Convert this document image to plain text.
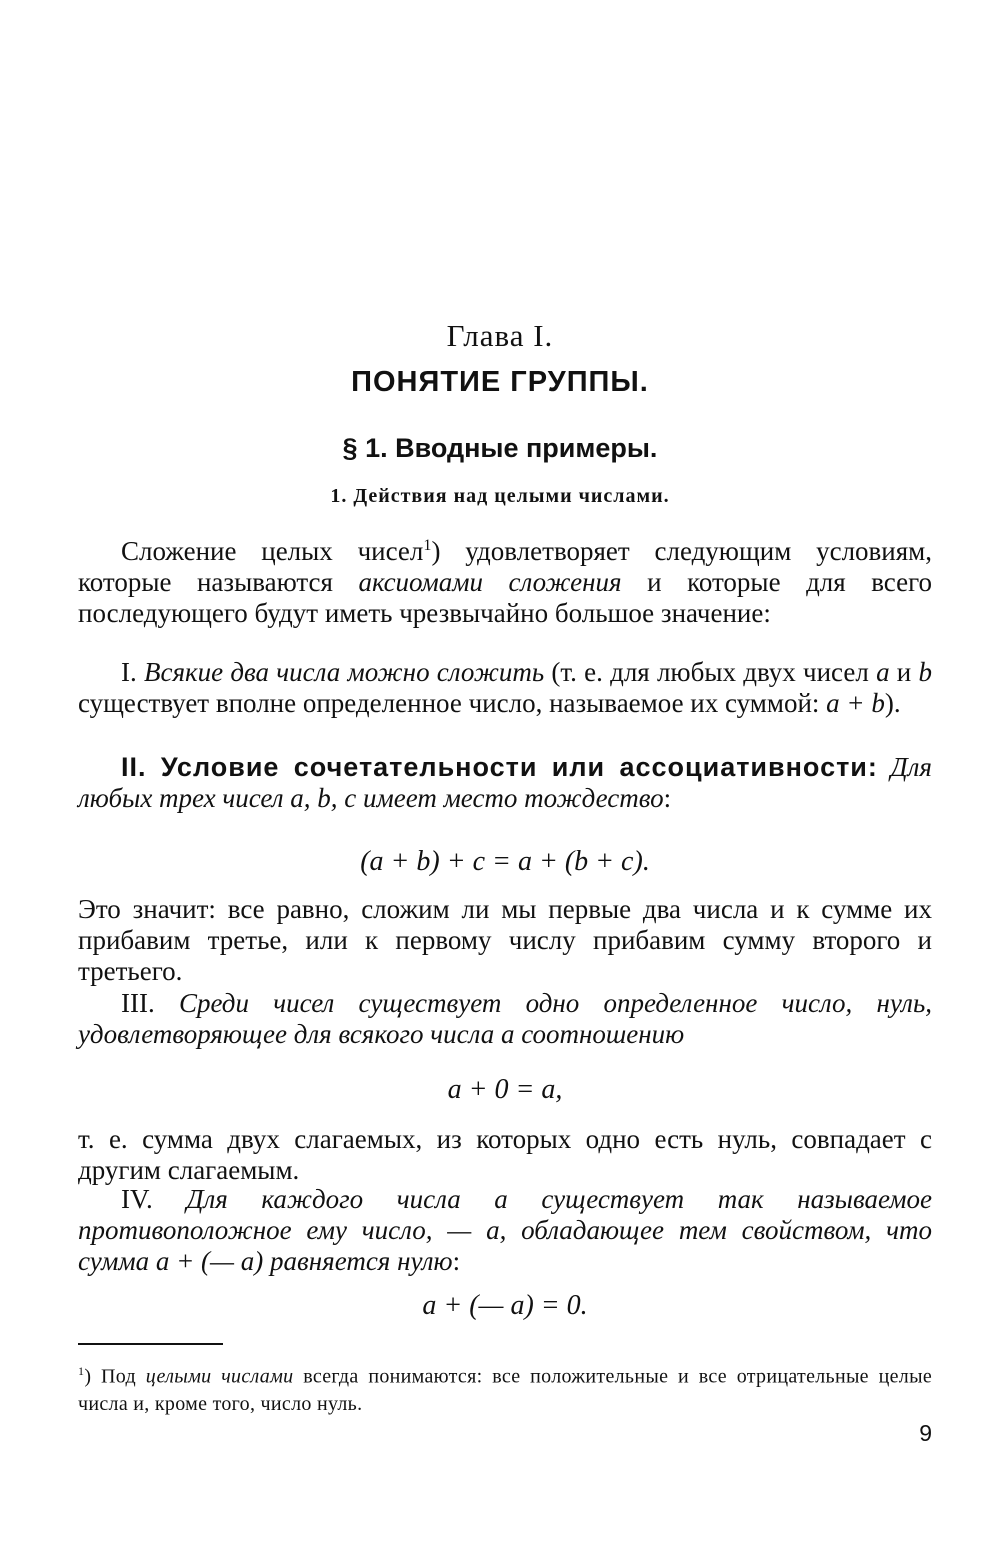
Глава I.
ПОНЯТИЕ ГРУППЫ.
§ 1. Вводные примеры.
1. Действия над целыми числами.
Сложение целых чисел$^1$) удовлетворяет следующим условиям, которые называются аксиомами сложения и которые для всего последующего будут иметь чрезвычайно большое значение:
I. Всякие два числа можно сложить (т. е. для любых двух чисел a и b существует вполне определенное число, называемое их суммой: a + b).
II. Условие сочетательности или ассоциативности: Для любых трех чисел a, b, c имеет место тождество:
(a + b) + c = a + (b + c).
Это значит: все равно, сложим ли мы первые два числа и к сумме их прибавим третье, или к первому числу прибавим сумму второго и третьего.
III. Среди чисел существует одно определенное число, нуль, удовлетворяющее для всякого числа a соотношению
a + 0 = a,
т. е. сумма двух слагаемых, из которых одно есть нуль, совпадает с другим слагаемым.
IV. Для каждого числа a существует так называемое противоположное ему число, — a, обладающее тем свойством, что сумма a + (— a) равняется нулю:
a + (— a) = 0.
$^1$) Под целыми числами всегда понимаются: все положительные и все отрицательные целые числа и, кроме того, число нуль.
9
